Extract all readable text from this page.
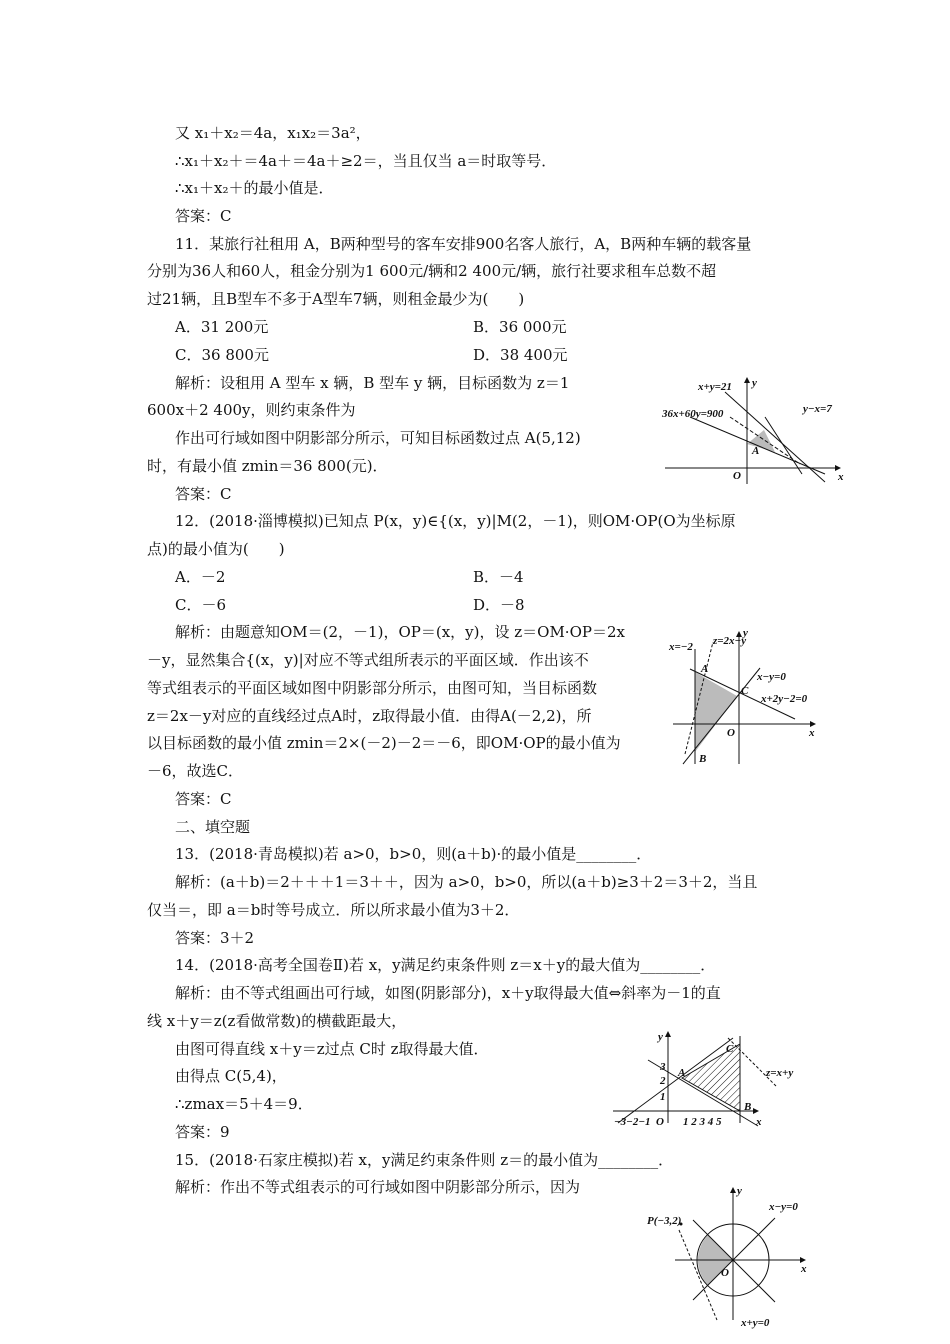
又 x₁＋x₂＝4a，x₁x₂＝3a²，
∴x₁＋x₂＋＝4a＋＝4a＋≥2＝，当且仅当 a＝时取等号．
∴x₁＋x₂＋的最小值是．
答案：C
11．某旅行社租用 A，B两种型号的客车安排900名客人旅行，A，B两种车辆的载客量
分别为36人和60人，租金分别为1 600元/辆和2 400元/辆，旅行社要求租车总数不超
过21辆，且B型车不多于A型车7辆，则租金最少为(　　)
A．31 200元	B．36 000元
C．36 800元	D．38 400元
解析：设租用 A 型车 x 辆，B 型车 y 辆，目标函数为 z＝1
600x＋2 400y，则约束条件为
作出可行域如图中阴影部分所示，可知目标函数过点 A(5,12)
时，有最小值 zmin＝36 800(元)．
答案：C
12．(2018·淄博模拟)已知点 P(x，y)∈{(x，y)|M(2，－1)，则OM·OP(O为坐标原
点)的最小值为(　　)
A．－2	B．－4
C．－6	D．－8
解析：由题意知OM＝(2，－1)，OP＝(x，y)，设 z＝OM·OP＝2x
－y，显然集合{(x，y)|对应不等式组所表示的平面区域．作出该不
等式组表示的平面区域如图中阴影部分所示，由图可知，当目标函数
z＝2x－y对应的直线经过点A时，z取得最小值．由得A(－2,2)，所
以目标函数的最小值 zmin＝2×(－2)－2＝－6，即OM·OP的最小值为
－6，故选C．
答案：C
二、填空题
13．(2018·青岛模拟)若 a>0，b>0，则(a＋b)·的最小值是________．
解析：(a＋b)＝2＋＋＋1＝3＋＋，因为 a>0，b>0，所以(a＋b)≥3＋2＝3＋2，当且
仅当＝，即 a＝b时等号成立．所以所求最小值为3＋2．
答案：3＋2
14．(2018·高考全国卷Ⅱ)若 x，y满足约束条件则 z＝x＋y的最大值为________．
解析：由不等式组画出可行域，如图(阴影部分)，x＋y取得最大值⇔斜率为－1的直
线 x＋y＝z(z看做常数)的横截距最大，
由图可得直线 x＋y＝z过点 C时 z取得最大值．
由得点 C(5,4)，
∴zmax＝5＋4＝9．
答案：9
15．(2018·石家庄模拟)若 x，y满足约束条件则 z＝的最小值为________．
解析：作出不等式组表示的可行域如图中阴影部分所示，因为
x+y=21 y
36x+60y=900	y−x=7
A
O	x
x=−2 z=2x−y
y
A
x−y=0
C
x+2y−2=0
O	x
B
y
C
z=x+y
3
2
1
A
B
−3−2−1 O 1 2 3 4 5	x
y
P(−3,2)
x−y=0
O	x
x+y=0
